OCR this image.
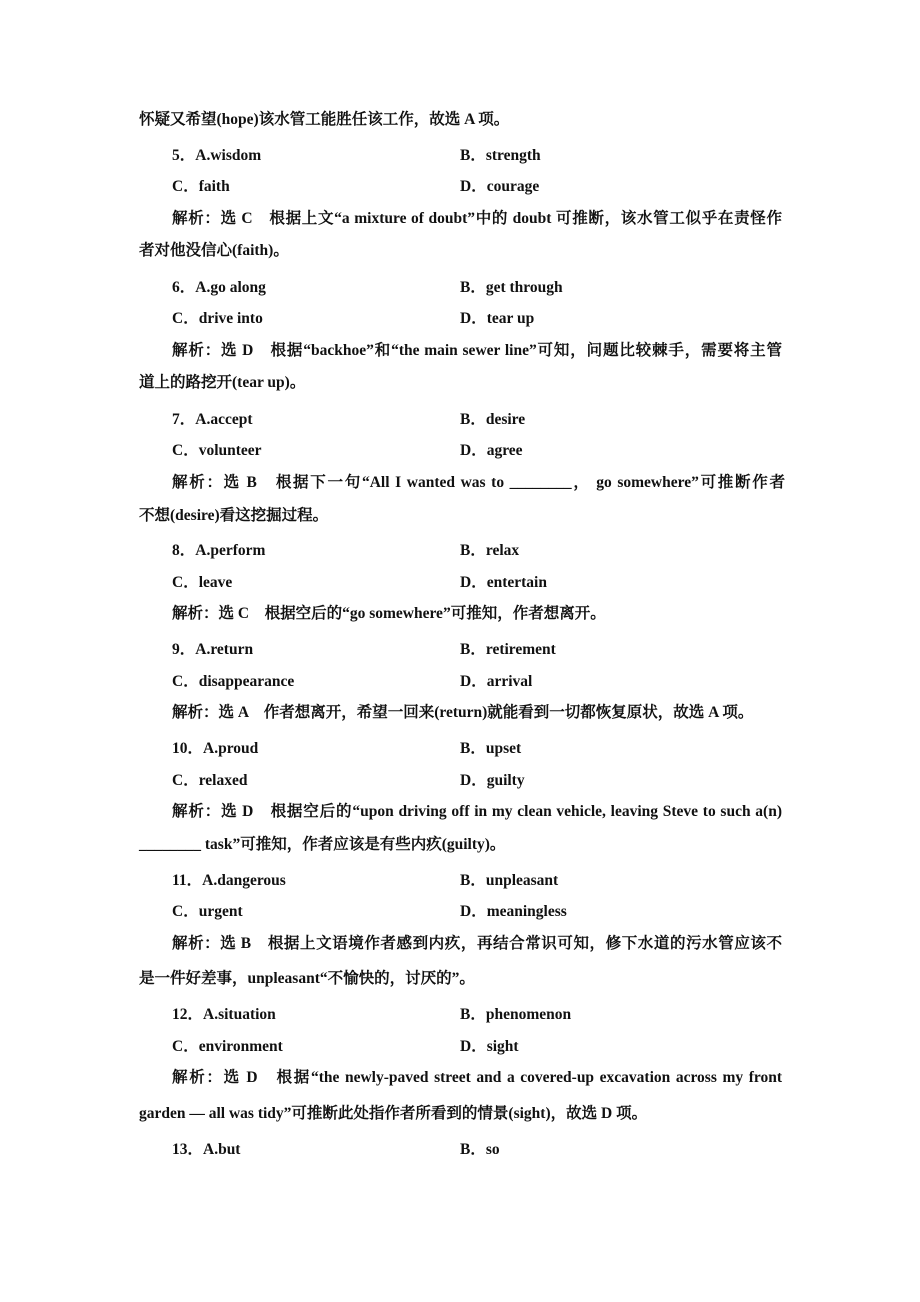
怀疑又希望(hope)该水管工能胜任该工作，故选 A 项。
5．A.wisdom	B．strength
C．faith	D．courage
解析：选 C　根据上文“a mixture of doubt”中的 doubt 可推断，该水管工似乎在责怪作
者对他没信心(faith)。
6．A.go along	B．get through
C．drive into	D．tear up
解析：选 D　根据“backhoe”和“the main sewer line”可知，问题比较棘手，需要将主管
道上的路挖开(tear up)。
7．A.accept	B．desire
C．volunteer	D．agree
解析：选 B　根据下一句“All I wanted was to ________， go somewhere”可推断作者
不想(desire)看这挖掘过程。
8．A.perform	B．relax
C．leave	D．entertain
解析：选 C　根据空后的“go somewhere”可推知，作者想离开。
9．A.return	B．retirement
C．disappearance	D．arrival
解析：选 A　作者想离开，希望一回来(return)就能看到一切都恢复原状，故选 A 项。
10．A.proud	B．upset
C．relaxed	D．guilty
解析：选 D　根据空后的“upon driving off in my clean vehicle, leaving Steve to such a(n)
________ task”可推知，作者应该是有些内疚(guilty)。
11．A.dangerous	B．unpleasant
C．urgent	D．meaningless
解析：选 B　根据上文语境作者感到内疚，再结合常识可知，修下水道的污水管应该不
是一件好差事，unpleasant“不愉快的，讨厌的”。
12．A.situation	B．phenomenon
C．environment	D．sight
解析：选 D　根据“the newly-paved street and a covered-up excavation across my front
garden — all was tidy”可推断此处指作者所看到的情景(sight)，故选 D 项。
13．A.but	B．so
